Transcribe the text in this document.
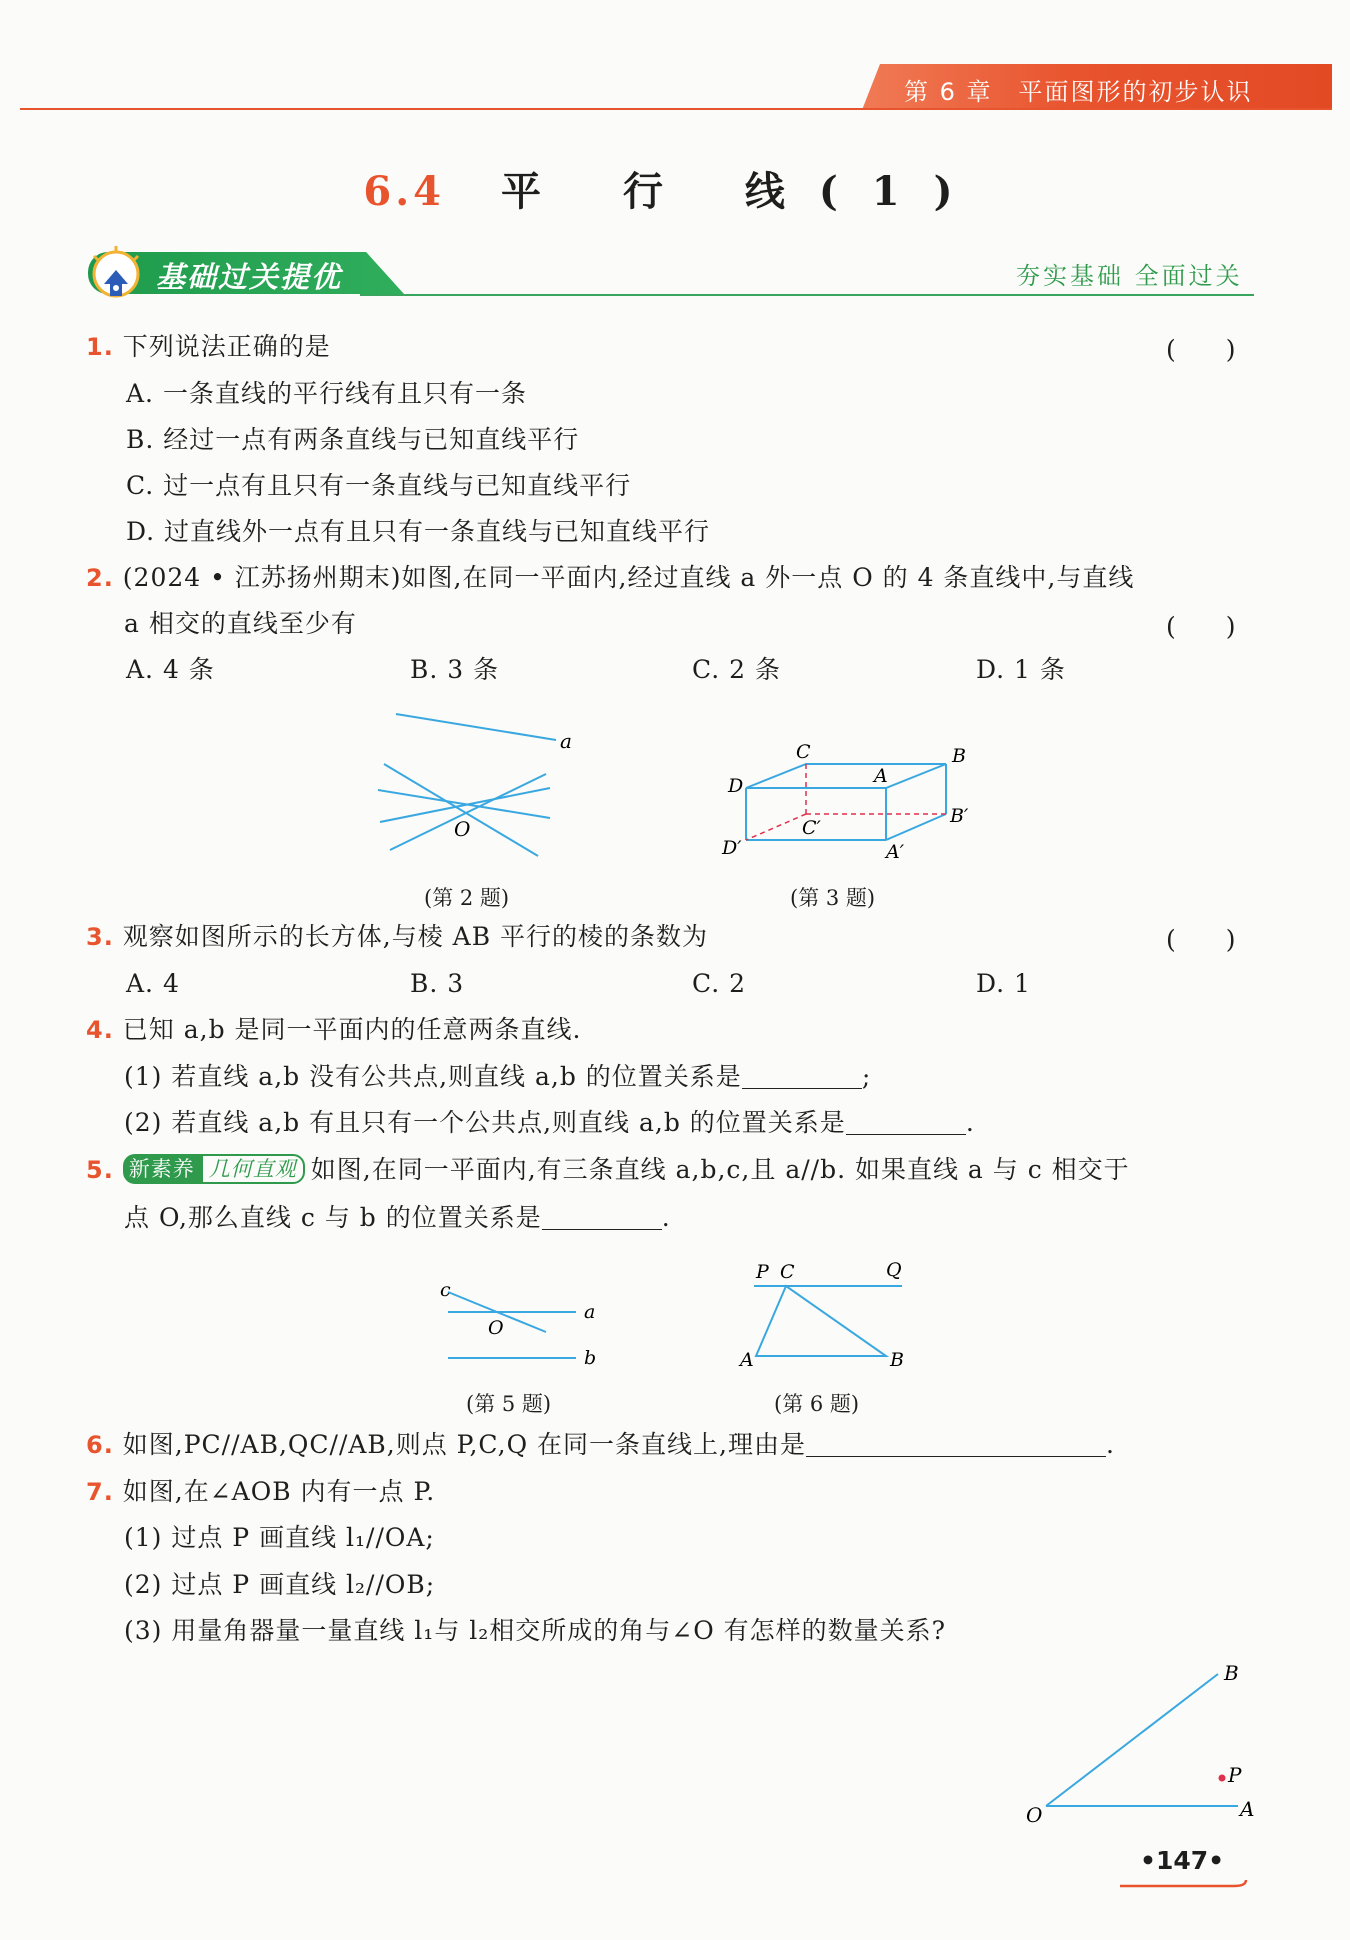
第 6 章　平面图形的初步认识
6.4 平 行 线(1)
基础过关提优	夯实基础 全面过关
1. 下列说法正确的是	(　　)
A. 一条直线的平行线有且只有一条
B. 经过一点有两条直线与已知直线平行
C. 过一点有且只有一条直线与已知直线平行
D. 过直线外一点有且只有一条直线与已知直线平行
2. (2024 • 江苏扬州期末)如图,在同一平面内,经过直线 a 外一点 O 的 4 条直线中,与直线
a 相交的直线至少有	(　　)
A. 4 条	B. 3 条	C. 2 条	D. 1 条
a
O
(第 2 题)
C	B
D	A
C′
B′
D′	A′
(第 3 题)
3. 观察如图所示的长方体,与棱 AB 平行的棱的条数为	(　　)
A. 4	B. 3	C. 2	D. 1
4. 已知 a,b 是同一平面内的任意两条直线.
(1) 若直线 a,b 没有公共点,则直线 a,b 的位置关系是	;
(2) 若直线 a,b 有且只有一个公共点,则直线 a,b 的位置关系是	.
5. 新素养 几何直观 如图,在同一平面内,有三条直线 a,b,c,且 a//b. 如果直线 a 与 c 相交于
点 O,那么直线 c 与 b 的位置关系是	.
c
a
O
b
(第 5 题)
P C	Q
A	B
(第 6 题)
6. 如图,PC//AB,QC//AB,则点 P,C,Q 在同一条直线上,理由是	.
7. 如图,在∠AOB 内有一点 P.
(1) 过点 P 画直线 l₁//OA;
(2) 过点 P 画直线 l₂//OB;
(3) 用量角器量一量直线 l₁与 l₂相交所成的角与∠O 有怎样的数量关系?
B
P
O	A
•147•
